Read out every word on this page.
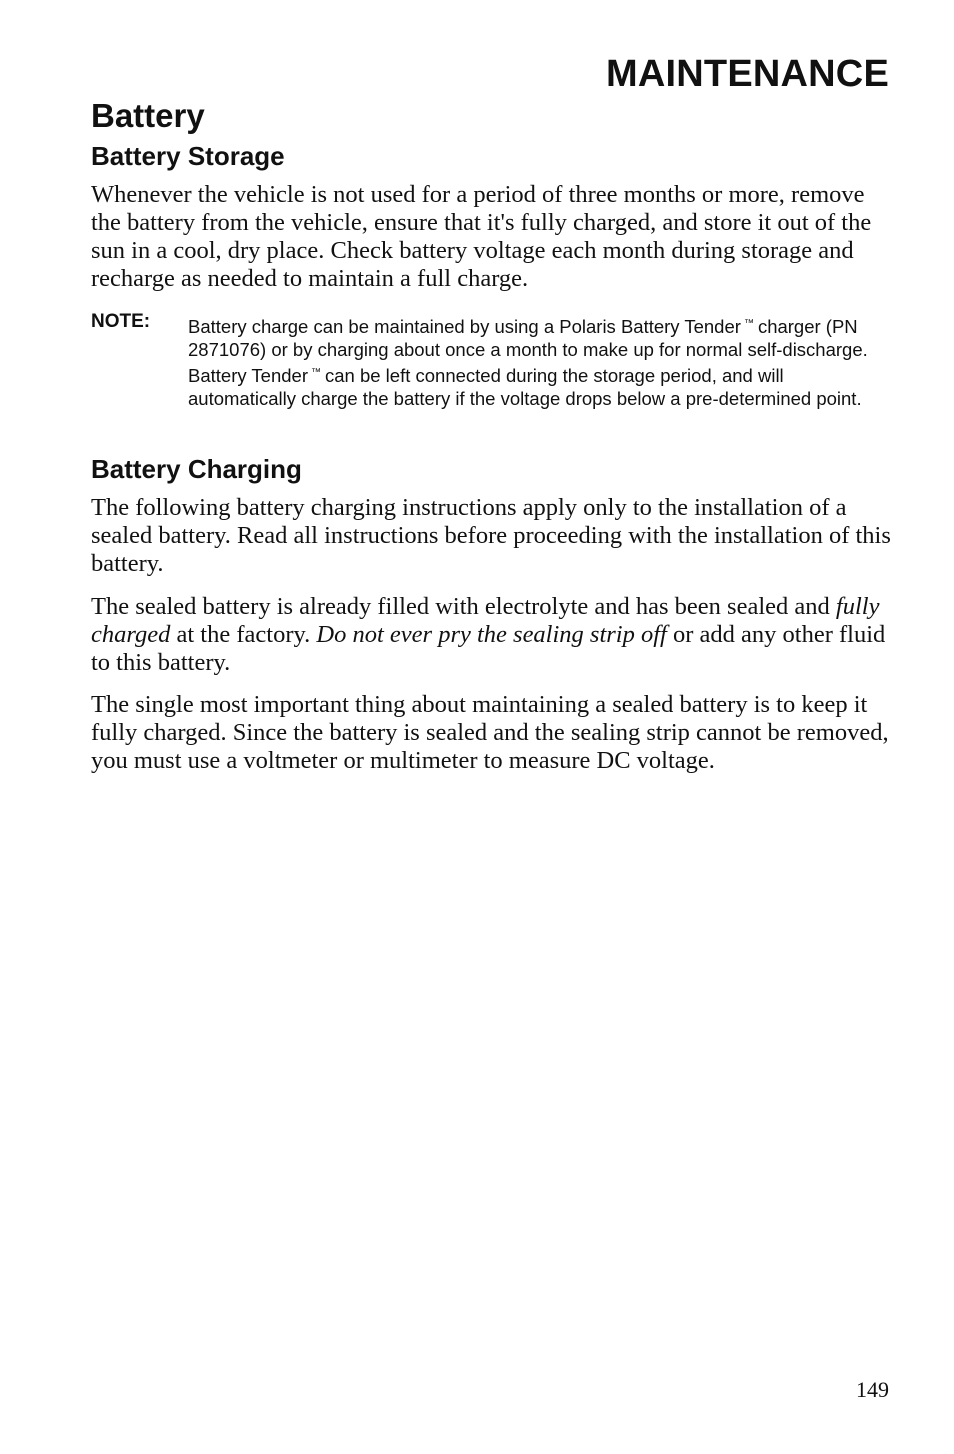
MAINTENANCE
Battery
Battery Storage

Whenever the vehicle is not used for a period of three months or more, remove the battery from the vehicle, ensure that it's fully charged, and store it out of the sun in a cool, dry place. Check battery voltage each month during storage and recharge as needed to maintain a full charge.

NOTE: Battery charge can be maintained by using a Polaris Battery Tender ™ charger (PN 2871076) or by charging about once a month to make up for normal self-discharge. Battery Tender ™ can be left connected during the storage period, and will automatically charge the battery if the voltage drops below a pre-determined point.

Battery Charging

The following battery charging instructions apply only to the installation of a sealed battery. Read all instructions before proceeding with the installation of this battery.

The sealed battery is already filled with electrolyte and has been sealed and fully charged at the factory. Do not ever pry the sealing strip off or add any other fluid to this battery.

The single most important thing about maintaining a sealed battery is to keep it fully charged. Since the battery is sealed and the sealing strip cannot be removed, you must use a voltmeter or multimeter to measure DC voltage.

149
